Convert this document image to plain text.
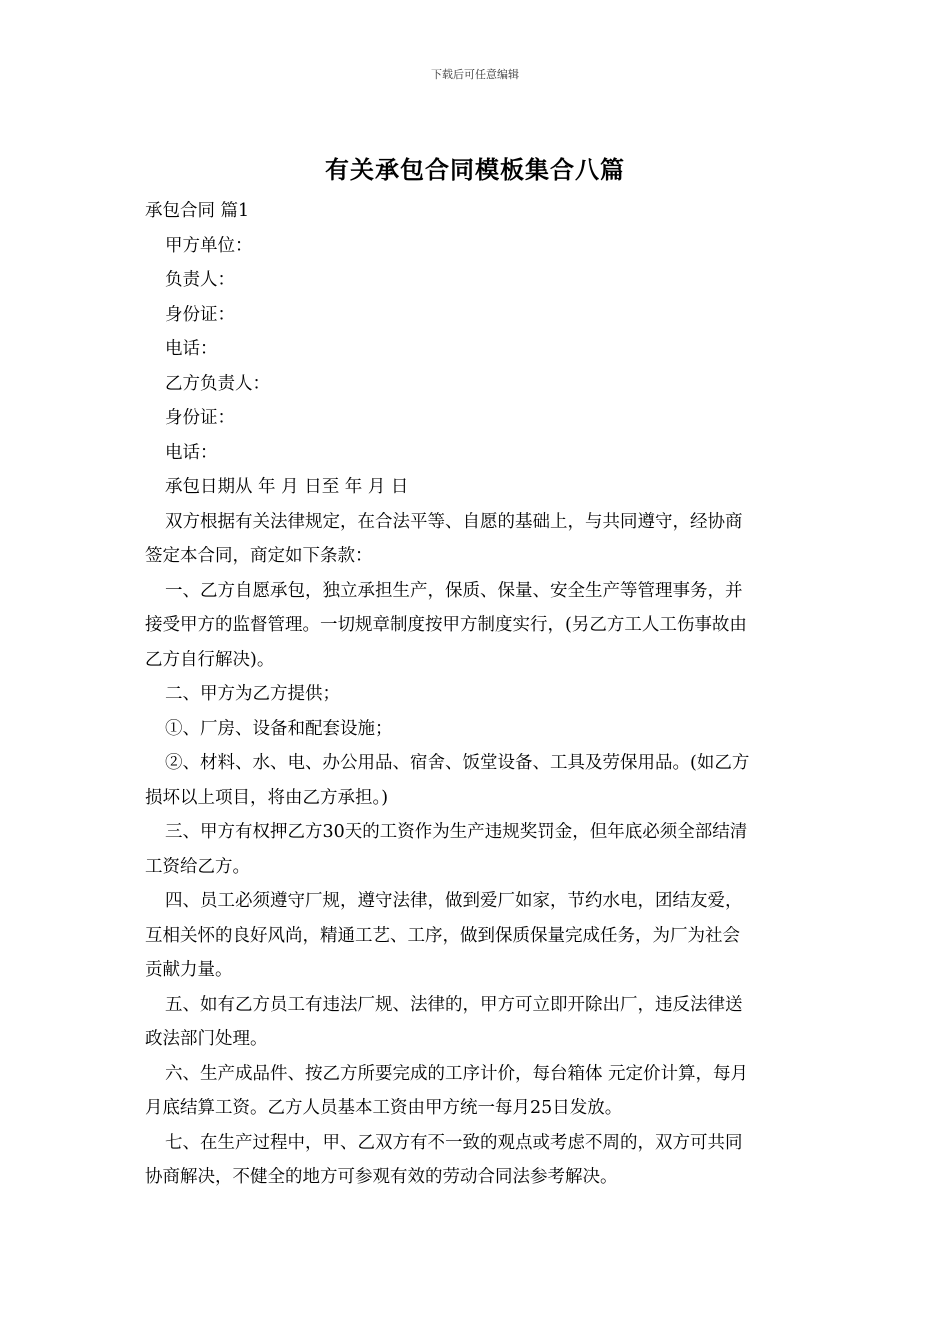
下载后可任意编辑
有关承包合同模板集合八篇

承包合同 篇1

甲方单位：

负责人：

身份证：

电话：

乙方负责人：

身份证：

电话：

承包日期从 年 月 日至 年 月 日

双方根据有关法律规定，在合法平等、自愿的基础上，与共同遵守，经协商
签定本合同，商定如下条款：

一、乙方自愿承包，独立承担生产，保质、保量、安全生产等管理事务，并
接受甲方的监督管理。一切规章制度按甲方制度实行，(另乙方工人工伤事故由
乙方自行解决)。

二、甲方为乙方提供；

①、厂房、设备和配套设施；

②、材料、水、电、办公用品、宿舍、饭堂设备、工具及劳保用品。(如乙方
损坏以上项目，将由乙方承担。)

三、甲方有权押乙方30天的工资作为生产违规奖罚金，但年底必须全部结清
工资给乙方。

四、员工必须遵守厂规，遵守法律，做到爱厂如家，节约水电，团结友爱，
互相关怀的良好风尚，精通工艺、工序，做到保质保量完成任务，为厂为社会
贡献力量。

五、如有乙方员工有违法厂规、法律的，甲方可立即开除出厂，违反法律送
政法部门处理。

六、生产成品件、按乙方所要完成的工序计价，每台箱体 元定价计算，每月
月底结算工资。乙方人员基本工资由甲方统一每月25日发放。

七、在生产过程中，甲、乙双方有不一致的观点或考虑不周的，双方可共同
协商解决，不健全的地方可参观有效的劳动合同法参考解决。
